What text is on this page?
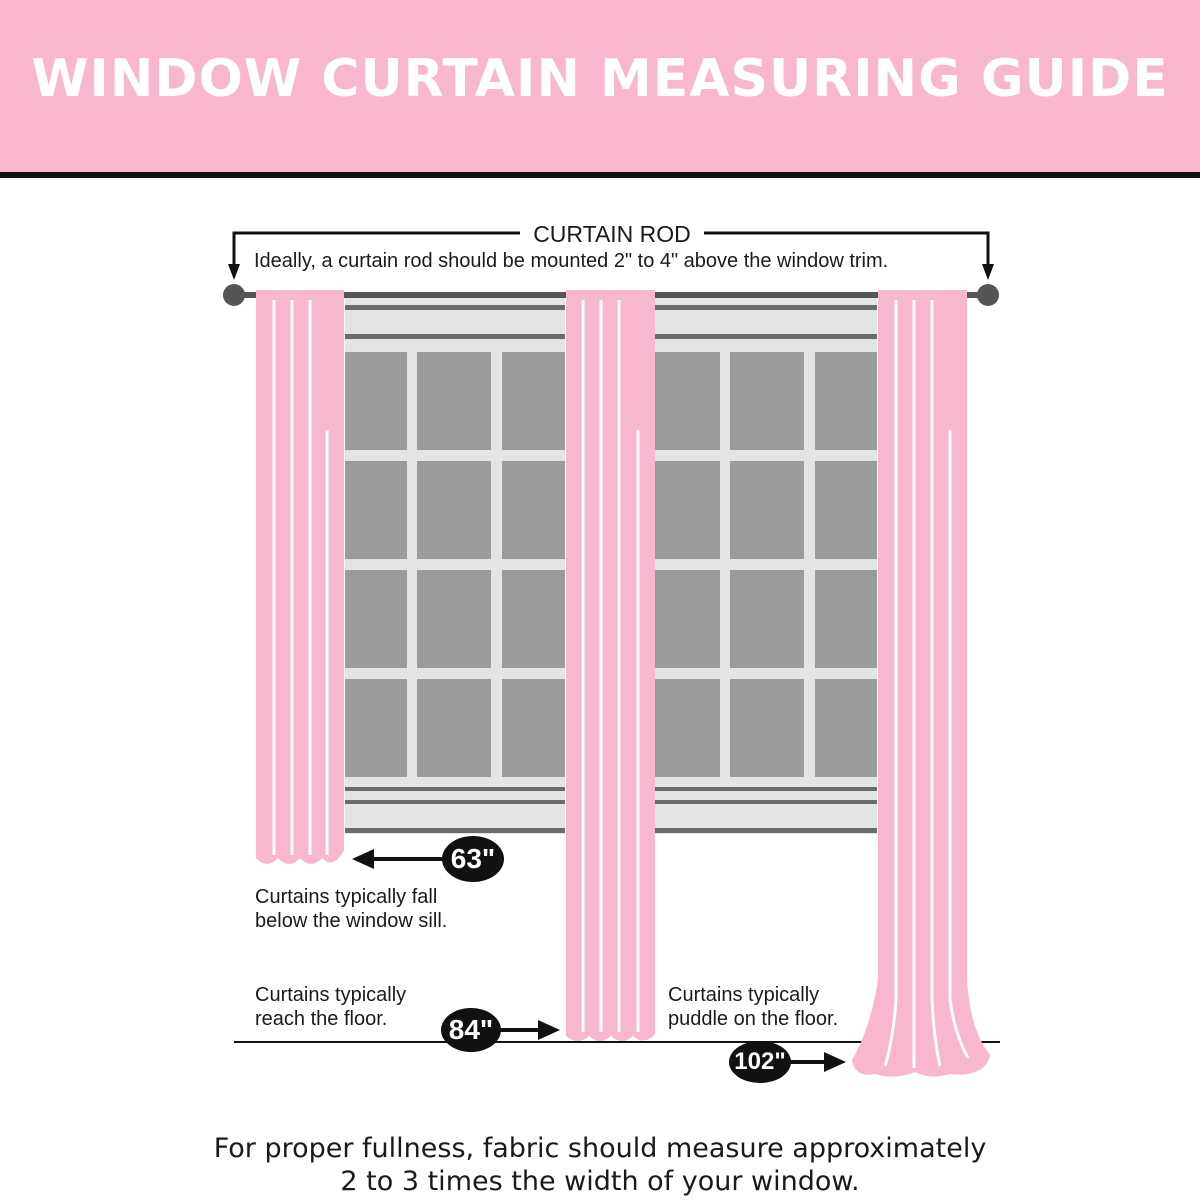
WINDOW CURTAIN MEASURING GUIDE
CURTAIN ROD
Ideally, a curtain rod should be mounted 2" to 4" above the window trim.
63"
84"
102"
Curtains typically fall
below the window sill.
Curtains typically
reach the floor.
Curtains typically
puddle on the floor.
For proper fullness, fabric should measure approximately
2 to 3 times the width of your window.
